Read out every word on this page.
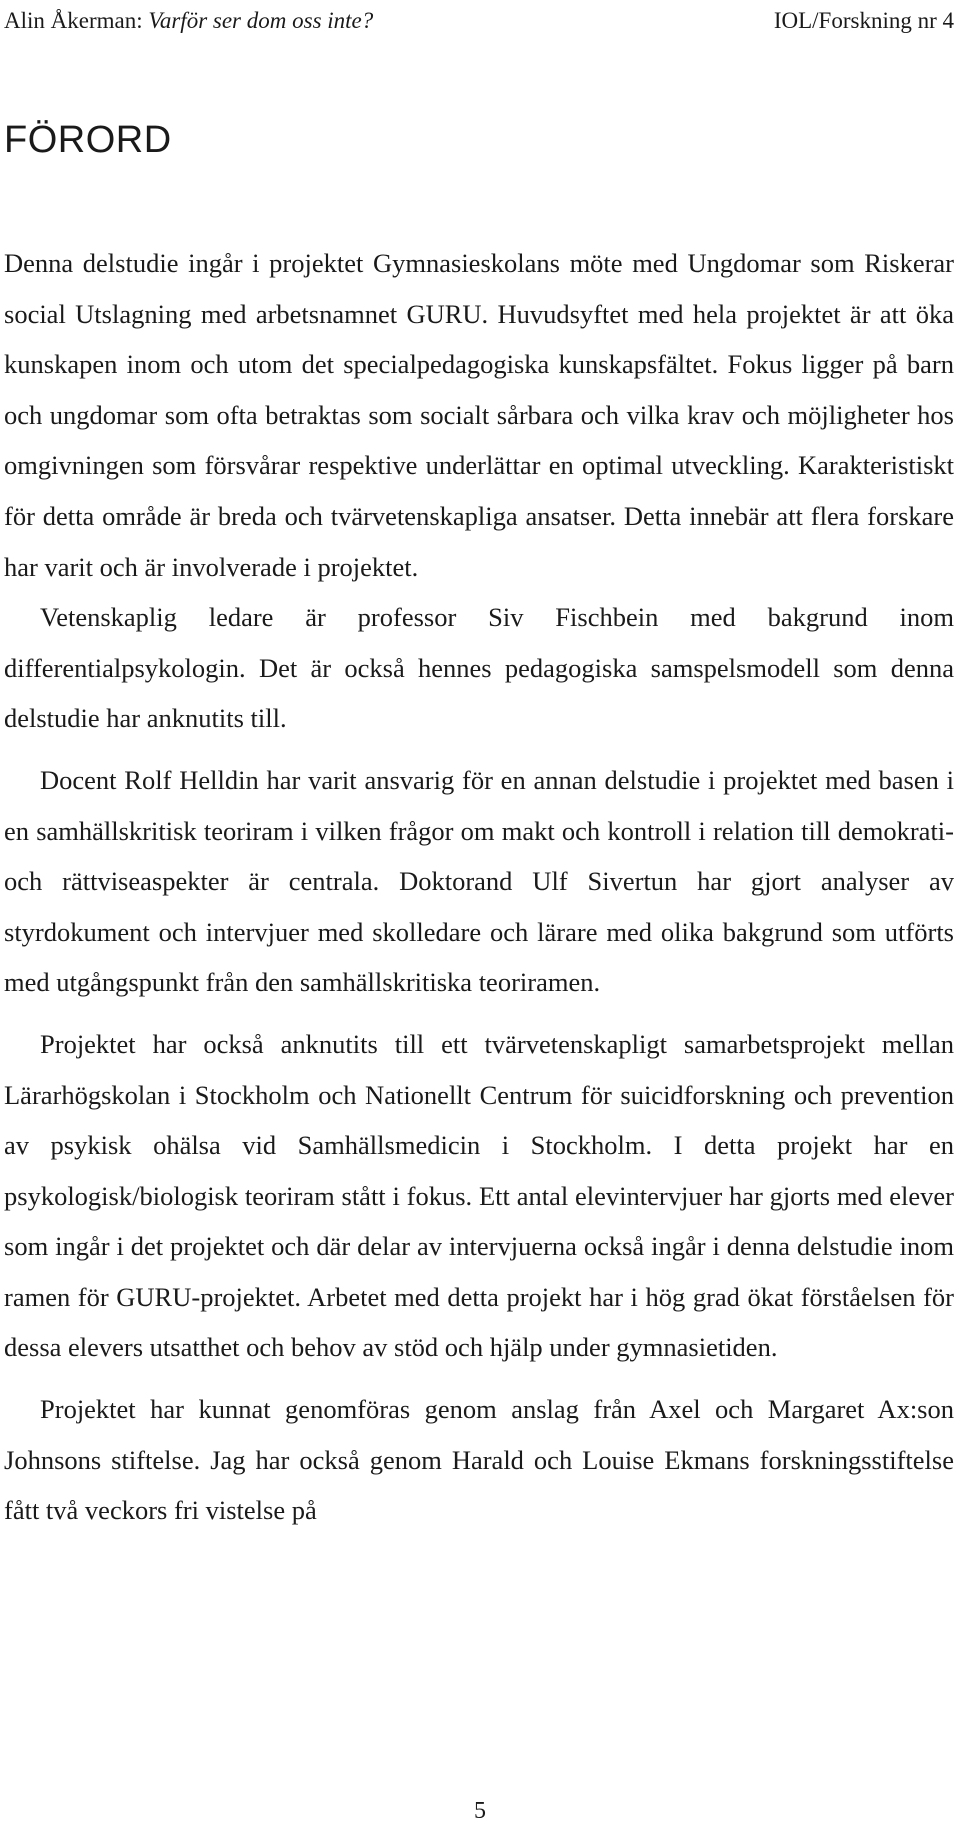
Alin Åkerman: Varför ser dom oss inte?	IOL/Forskning nr 4
FÖRORD

Denna delstudie ingår i projektet Gymnasieskolans möte med Ungdomar som Riskerar social Utslagning med arbetsnamnet GURU. Huvudsyftet med hela projektet är att öka kunskapen inom och utom det specialpedagogiska kunskapsfältet. Fokus ligger på barn och ungdomar som ofta betraktas som socialt sårbara och vilka krav och möjligheter hos omgivningen som försvårar respektive underlättar en optimal utveckling. Karakteristiskt för detta område är breda och tvärvetenskapliga ansatser. Detta innebär att flera forskare har varit och är involverade i projektet.

Vetenskaplig ledare är professor Siv Fischbein med bakgrund inom differentialpsykologin. Det är också hennes pedagogiska samspelsmodell som denna delstudie har anknutits till.

Docent Rolf Helldin har varit ansvarig för en annan delstudie i projektet med basen i en samhällskritisk teoriram i vilken frågor om makt och kontroll i relation till demokrati- och rättviseaspekter är centrala. Doktorand Ulf Sivertun har gjort analyser av styrdokument och intervjuer med skolledare och lärare med olika bakgrund som utförts med utgångspunkt från den samhällskritiska teoriramen.

Projektet har också anknutits till ett tvärvetenskapligt samarbetsprojekt mellan Lärarhögskolan i Stockholm och Nationellt Centrum för suicidforskning och prevention av psykisk ohälsa vid Samhällsmedicin i Stockholm. I detta projekt har en psykologisk/biologisk teoriram stått i fokus. Ett antal elevintervjuer har gjorts med elever som ingår i det projektet och där delar av intervjuerna också ingår i denna delstudie inom ramen för GURU-projektet. Arbetet med detta projekt har i hög grad ökat förståelsen för dessa elevers utsatthet och behov av stöd och hjälp under gymnasietiden.

Projektet har kunnat genomföras genom anslag från Axel och Margaret Ax:son Johnsons stiftelse. Jag har också genom Harald och Louise Ekmans forskningsstiftelse fått två veckors fri vistelse på

5
